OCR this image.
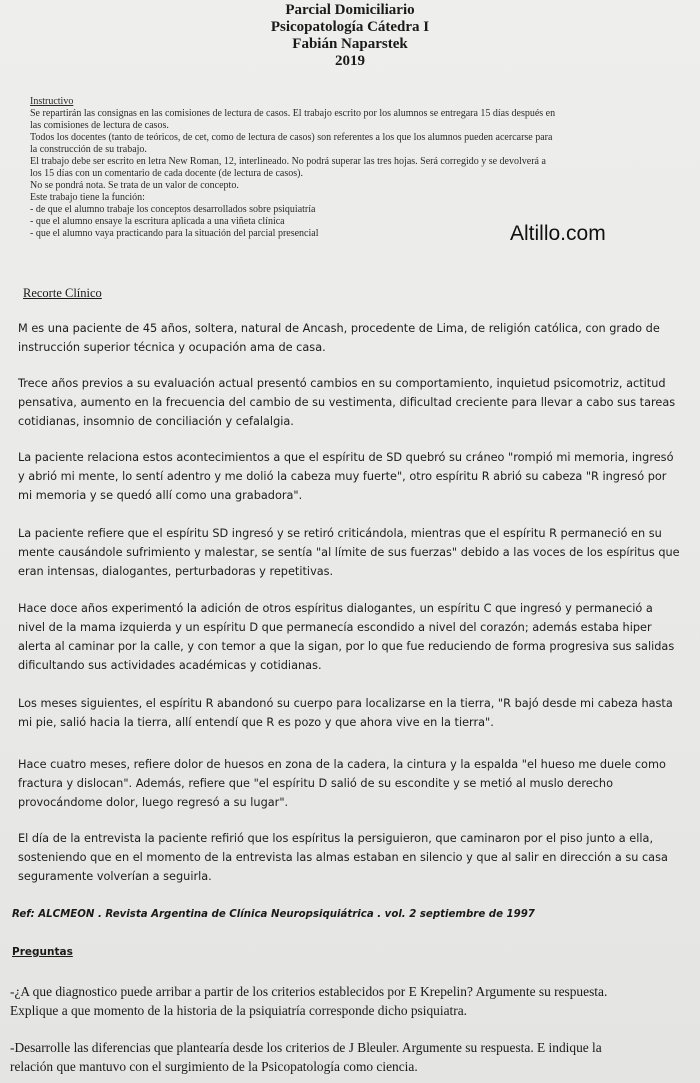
Parcial Domiciliario
Psicopatología Cátedra I
Fabián Naparstek
2019
Altillo.com
Instructivo
Se repartirán las consignas en las comisiones de lectura de casos. El trabajo escrito por los alumnos se entregara 15 días después en
las comisiones de lectura de casos.
Todos los docentes (tanto de teóricos, de cet, como de lectura de casos) son referentes a los que los alumnos pueden acercarse para
la construcción de su trabajo.
El trabajo debe ser escrito en letra New Roman, 12, interlineado. No podrá superar las tres hojas. Será corregido y se devolverá a
los 15 días con un comentario de cada docente (de lectura de casos).
No se pondrá nota. Se trata de un valor de concepto.
Este trabajo tiene la función:
- de que el alumno trabaje los conceptos desarrollados sobre psiquiatría
- que el alumno ensaye la escritura aplicada a una viñeta clínica
- que el alumno vaya practicando para la situación del parcial presencial
Recorte Clínico
M es una paciente de 45 años, soltera, natural de Ancash, procedente de Lima, de religión católica, con grado de
instrucción superior técnica y ocupación ama de casa.
Trece años previos a su evaluación actual presentó cambios en su comportamiento, inquietud psicomotriz, actitud
pensativa, aumento en la frecuencia del cambio de su vestimenta, dificultad creciente para llevar a cabo sus tareas
cotidianas, insomnio de conciliación y cefalalgia.
La paciente relaciona estos acontecimientos a que el espíritu de SD quebró su cráneo "rompió mi memoria, ingresó
y abrió mi mente, lo sentí adentro y me dolió la cabeza muy fuerte", otro espíritu R abrió su cabeza "R ingresó por
mi memoria y se quedó allí como una grabadora".
La paciente refiere que el espíritu SD ingresó y se retiró criticándola, mientras que el espíritu R permaneció en su
mente causándole sufrimiento y malestar, se sentía "al límite de sus fuerzas" debido a las voces de los espíritus que
eran intensas, dialogantes, perturbadoras y repetitivas.
Hace doce años experimentó la adición de otros espíritus dialogantes, un espíritu C que ingresó y permaneció a
nivel de la mama izquierda y un espíritu D que permanecía escondido a nivel del corazón; además estaba hiper
alerta al caminar por la calle, y con temor a que la sigan, por lo que fue reduciendo de forma progresiva sus salidas
dificultando sus actividades académicas y cotidianas.
Los meses siguientes, el espíritu R abandonó su cuerpo para localizarse en la tierra, "R bajó desde mi cabeza hasta
mi pie, salió hacia la tierra, allí entendí que R es pozo y que ahora vive en la tierra".
Hace cuatro meses, refiere dolor de huesos en zona de la cadera, la cintura y la espalda "el hueso me duele como
fractura y dislocan". Además, refiere que "el espíritu D salió de su escondite y se metió al muslo derecho
provocándome dolor, luego regresó a su lugar".
El día de la entrevista la paciente refirió que los espíritus la persiguieron, que caminaron por el piso junto a ella,
sosteniendo que en el momento de la entrevista las almas estaban en silencio y que al salir en dirección a su casa
seguramente volverían a seguirla.
Ref: ALCMEON . Revista Argentina de Clínica Neuropsiquiátrica . vol. 2 septiembre de 1997
Preguntas
-¿A que diagnostico puede arribar a partir de los criterios establecidos por E Krepelin? Argumente su respuesta.
Explique a que momento de la historia de la psiquiatría corresponde dicho psiquiatra.
-Desarrolle las diferencias que plantearía desde los criterios de J Bleuler. Argumente su respuesta. E indique la
relación que mantuvo con el surgimiento de la Psicopatología como ciencia.
